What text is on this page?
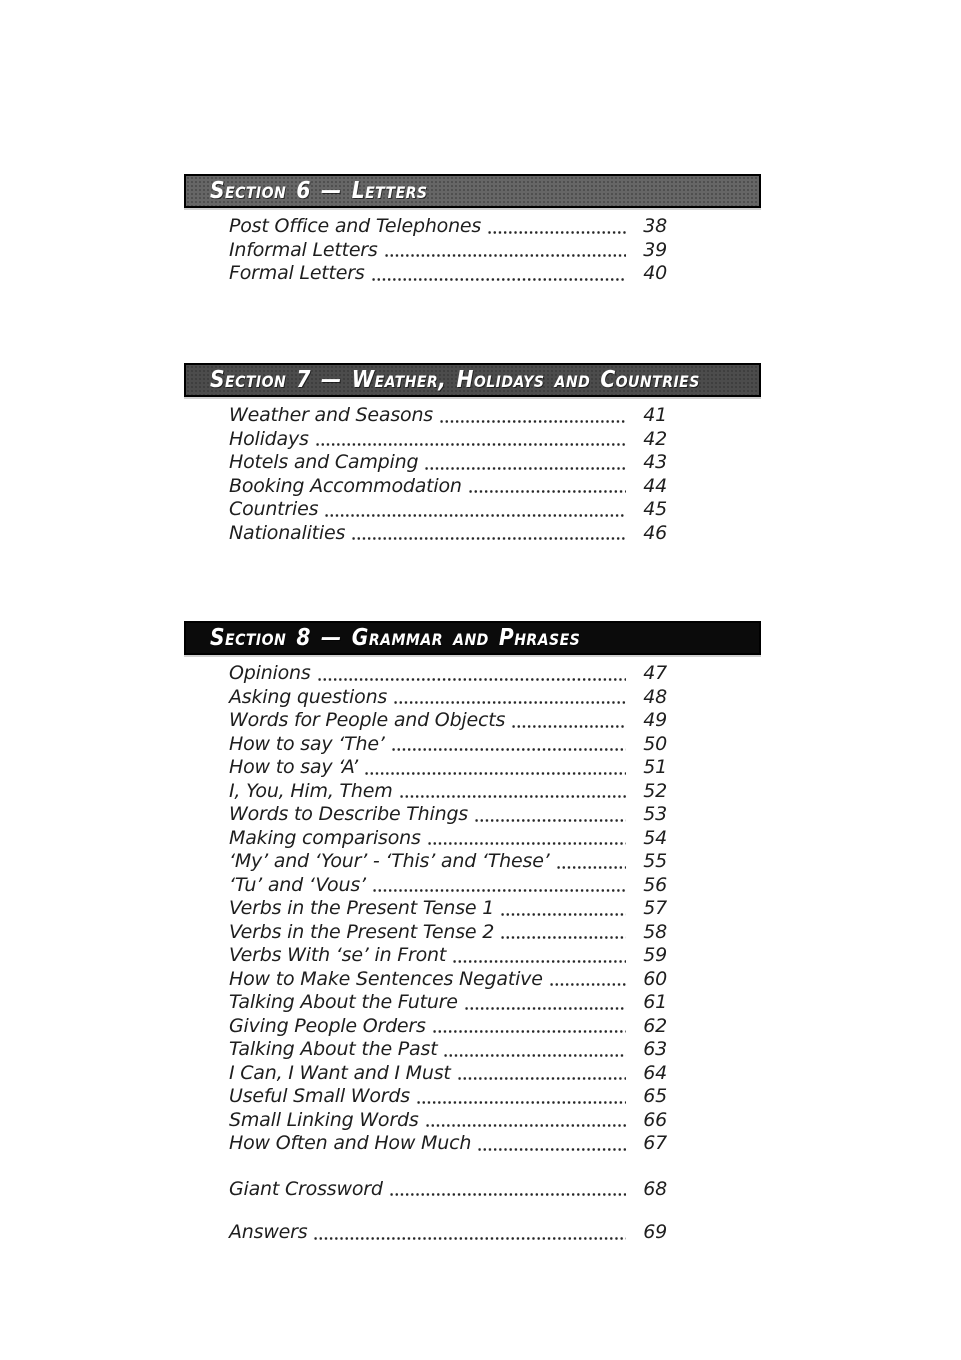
Section 6 — Letters
Post Office and Telephones	38
Informal Letters	39
Formal Letters	40
Section 7 — Weather, Holidays and Countries
Weather and Seasons	41
Holidays	42
Hotels and Camping	43
Booking Accommodation	44
Countries	45
Nationalities	46
Section 8 — Grammar and Phrases
Opinions	47
Asking questions	48
Words for People and Objects	49
How to say ‘The’	50
How to say ‘A’	51
I, You, Him, Them	52
Words to Describe Things	53
Making comparisons	54
‘My’ and ‘Your’ - ‘This’ and ‘These’	55
‘Tu’ and ‘Vous’	56
Verbs in the Present Tense 1	57
Verbs in the Present Tense 2	58
Verbs With ‘se’ in Front	59
How to Make Sentences Negative	60
Talking About the Future	61
Giving People Orders	62
Talking About the Past	63
I Can, I Want and I Must	64
Useful Small Words	65
Small Linking Words	66
How Often and How Much	67
Giant Crossword	68
Answers	69
